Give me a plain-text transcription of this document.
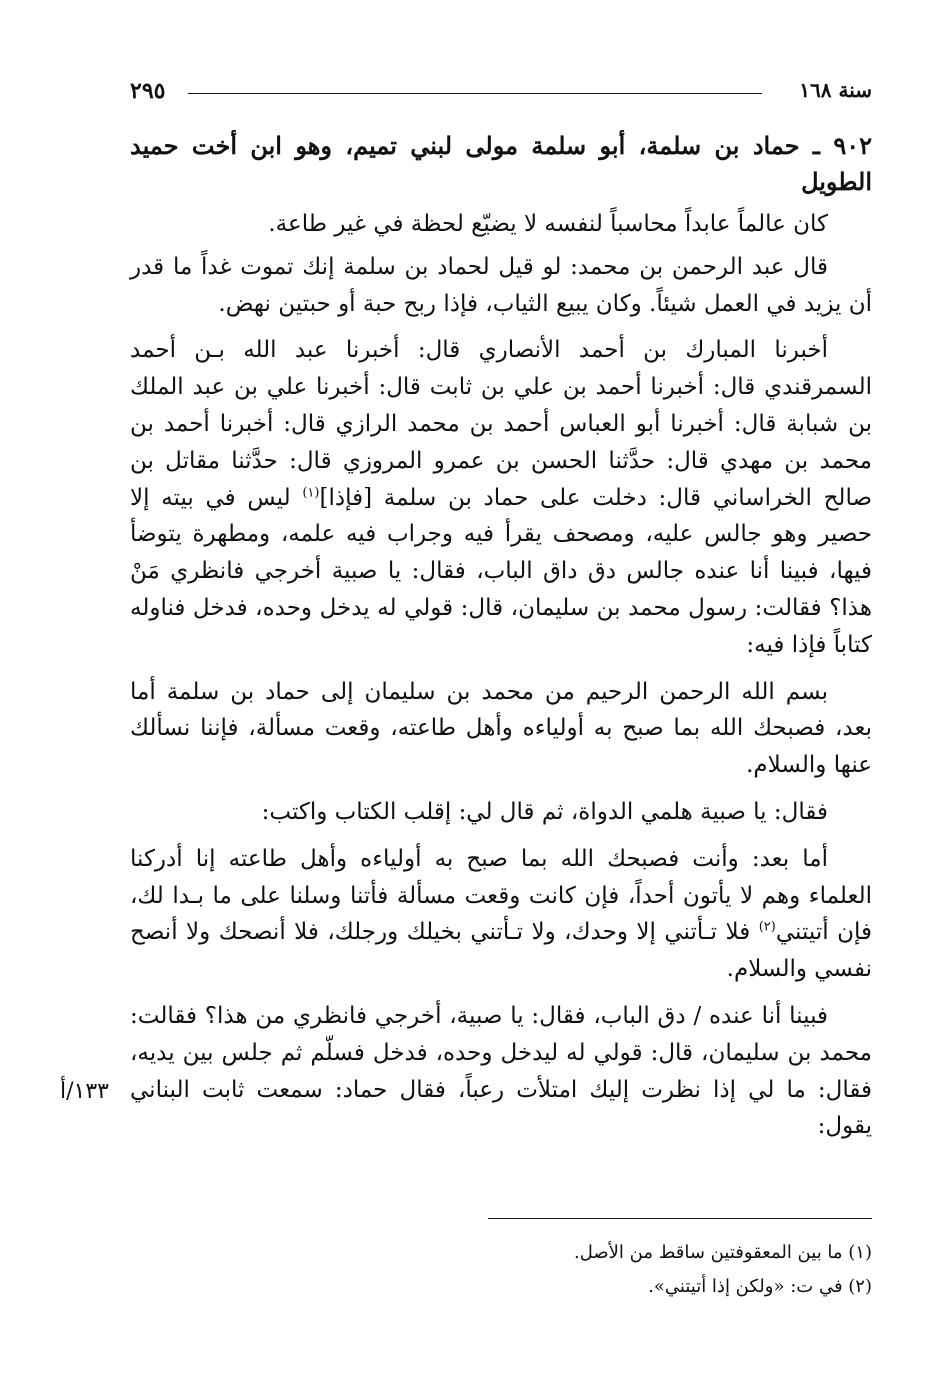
٢٩٥	سنة ١٦٨

٩٠٢ ـ حماد بن سلمة، أبو سلمة مولى لبني تميم، وهو ابن أخت حميد الطويل

كان عالماً عابداً محاسباً لنفسه لا يضيّع لحظة في غير طاعة.

قال عبد الرحمن بن محمد: لو قيل لحماد بن سلمة إنك تموت غداً ما قدر أن يزيد في العمل شيئاً. وكان يبيع الثياب، فإذا ربح حبة أو حبتين نهض.

أخبرنا المبارك بن أحمد الأنصاري قال: أخبرنا عبد الله بـن أحمد السمرقندي قال: أخبرنا أحمد بن علي بن ثابت قال: أخبرنا علي بن عبد الملك بن شبابة قال: أخبرنا أبو العباس أحمد بن محمد الرازي قال: أخبرنا أحمد بن محمد بن مهدي قال: حدَّثنا الحسن بن عمرو المروزي قال: حدَّثنا مقاتل بن صالح الخراساني قال: دخلت على حماد بن سلمة [فإذا]$^{(١)}$ ليس في بيته إلا حصير وهو جالس عليه، ومصحف يقرأ فيه وجراب فيه علمه، ومطهرة يتوضأ فيها، فبينا أنا عنده جالس دق داق الباب، فقال: يا صبية أخرجي فانظري مَنْ هذا؟ فقالت: رسول محمد بن سليمان، قال: قولي له يدخل وحده، فدخل فناوله كتاباً فإذا فيه:

بسم الله الرحمن الرحيم من محمد بن سليمان إلى حماد بن سلمة أما بعد، فصبحك الله بما صبح به أولياءه وأهل طاعته، وقعت مسألة، فإننا نسألك عنها والسلام.

فقال: يا صبية هلمي الدواة، ثم قال لي: إقلب الكتاب واكتب:

أما بعد: وأنت فصبحك الله بما صبح به أولياءه وأهل طاعته إنا أدركنا العلماء وهم لا يأتون أحداً، فإن كانت وقعت مسألة فأتنا وسلنا على ما بـدا لك، فإن أتيتني$^{(٢)}$ فلا تـأتني إلا وحدك، ولا تـأتني بخيلك ورجلك، فلا أنصحك ولا أنصح نفسي والسلام.

فبينا أنا عنده / دق الباب، فقال: يا صبية، أخرجي فانظري من هذا؟ فقالت: محمد بن سليمان، قال: قولي له ليدخل وحده، فدخل فسلّم ثم جلس بين يديه، فقال: ما لي إذا نظرت إليك امتلأت رعباً، فقال حماد: سمعت ثابت البناني يقول:

١٣٣/أ

(١) ما بين المعقوفتين ساقط من الأصل.

(٢) في ت: «ولكن إذا أتيتني».
